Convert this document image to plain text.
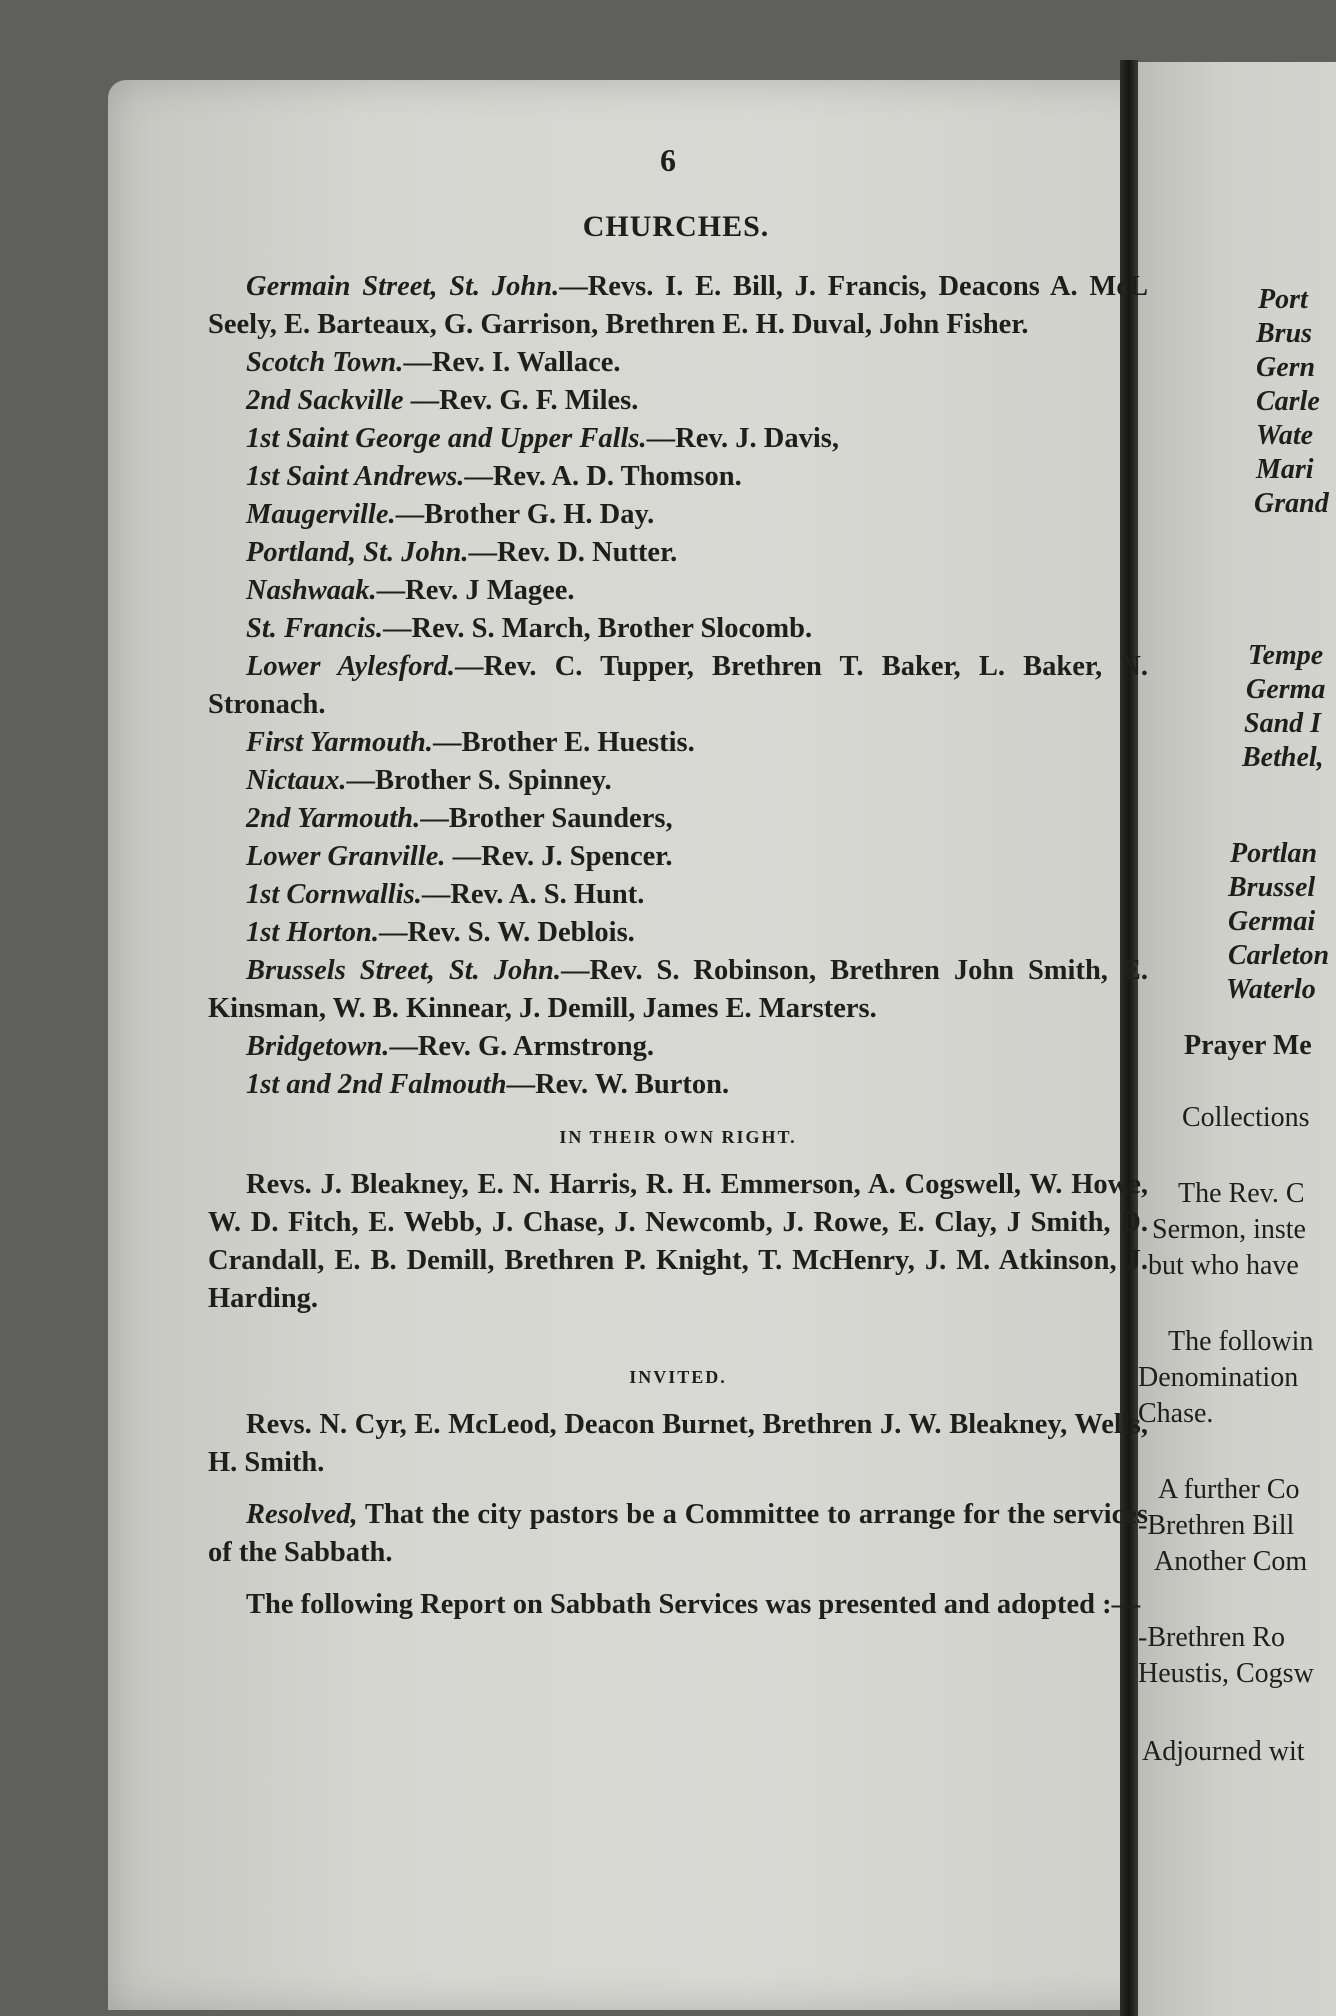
Port
Brus
Gern
Carle
Wate
Mari
Grand
Tempe
Germa
Sand I
Bethel,
Portlan
Brussel
Germai
Carleton
Waterlo
Prayer Me
Collections
The Rev. C
Sermon, inste
but who have
The followin
Denomination
Chase.
A further Co
-Brethren Bill
Another Com
-Brethren Ro
Heustis, Cogsw
Adjourned wit
6
CHURCHES.

Germain Street, St. John.—Revs. I. E. Bill, J. Francis, Deacons A. McL Seely, E. Barteaux, G. Garrison, Brethren E. H. Duval, John Fisher.

Scotch Town.—Rev. I. Wallace.

2nd Sackville —Rev. G. F. Miles.

1st Saint George and Upper Falls.—Rev. J. Davis,

1st Saint Andrews.—Rev. A. D. Thomson.

Maugerville.—Brother G. H. Day.

Portland, St. John.—Rev. D. Nutter.

Nashwaak.—Rev. J Magee.

St. Francis.—Rev. S. March, Brother Slocomb.

Lower Aylesford.—Rev. C. Tupper, Brethren T. Baker, L. Baker, N. Stronach.

First Yarmouth.—Brother E. Huestis.

Nictaux.—Brother S. Spinney.

2nd Yarmouth.—Brother Saunders,

Lower Granville. —Rev. J. Spencer.

1st Cornwallis.—Rev. A. S. Hunt.

1st Horton.—Rev. S. W. Deblois.

Brussels Street, St. John.—Rev. S. Robinson, Brethren John Smith, E. Kinsman, W. B. Kinnear, J. Demill, James E. Marsters.

Bridgetown.—Rev. G. Armstrong.

1st and 2nd Falmouth—Rev. W. Burton.

IN THEIR OWN RIGHT.

Revs. J. Bleakney, E. N. Harris, R. H. Emmerson, A. Cogswell, W. Howe, W. D. Fitch, E. Webb, J. Chase, J. Newcomb, J. Rowe, E. Clay, J Smith, D. Crandall, E. B. Demill, Brethren P. Knight, T. McHenry, J. M. Atkinson, J. Harding.

INVITED.

Revs. N. Cyr, E. McLeod, Deacon Burnet, Brethren J. W. Bleakney, Wells, H. Smith.

Resolved, That the city pastors be a Committee to arrange for the services of the Sabbath.

The following Report on Sabbath Services was presented and adopted :—
